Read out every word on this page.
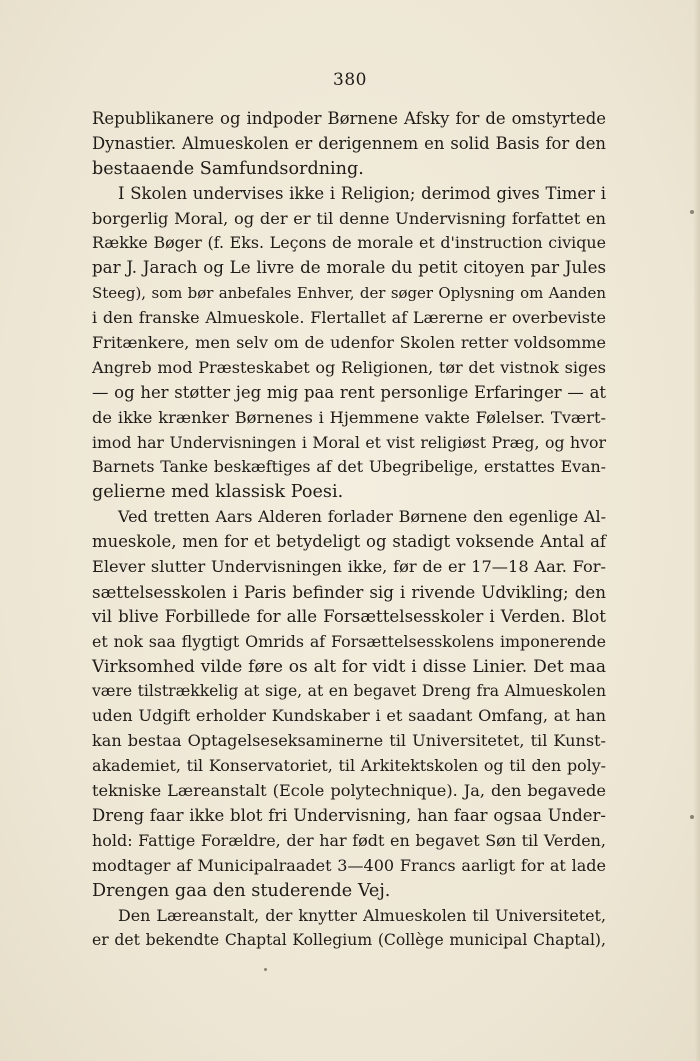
380
Republikanere og indpoder Børnene Afsky for de omstyrtede
Dynastier. Almueskolen er derigennem en solid Basis for den
bestaaende Samfundsordning.
I Skolen undervises ikke i Religion; derimod gives Timer i
borgerlig Moral, og der er til denne Undervisning forfattet en
Række Bøger (f. Eks. Leçons de morale et d'instruction civique
par J. Jarach og Le livre de morale du petit citoyen par Jules
Steeg), som bør anbefales Enhver, der søger Oplysning om Aanden
i den franske Almueskole. Flertallet af Lærerne er overbeviste
Fritænkere, men selv om de udenfor Skolen retter voldsomme
Angreb mod Præsteskabet og Religionen, tør det vistnok siges
— og her støtter jeg mig paa rent personlige Erfaringer — at
de ikke krænker Børnenes i Hjemmene vakte Følelser. Tvært-
imod har Undervisningen i Moral et vist religiøst Præg, og hvor
Barnets Tanke beskæftiges af det Ubegribelige, erstattes Evan-
gelierne med klassisk Poesi.
Ved tretten Aars Alderen forlader Børnene den egenlige Al-
mueskole, men for et betydeligt og stadigt voksende Antal af
Elever slutter Undervisningen ikke, før de er 17—18 Aar. For-
sættelsesskolen i Paris befinder sig i rivende Udvikling; den
vil blive Forbillede for alle Forsættelsesskoler i Verden. Blot
et nok saa flygtigt Omrids af Forsættelsesskolens imponerende
Virksomhed vilde føre os alt for vidt i disse Linier. Det maa
være tilstrækkelig at sige, at en begavet Dreng fra Almueskolen
uden Udgift erholder Kundskaber i et saadant Omfang, at han
kan bestaa Optagelseseksaminerne til Universitetet, til Kunst-
akademiet, til Konservatoriet, til Arkitektskolen og til den poly-
tekniske Læreanstalt (Ecole polytechnique). Ja, den begavede
Dreng faar ikke blot fri Undervisning, han faar ogsaa Under-
hold: Fattige Forældre, der har født en begavet Søn til Verden,
modtager af Municipalraadet 3—400 Francs aarligt for at lade
Drengen gaa den studerende Vej.
Den Læreanstalt, der knytter Almueskolen til Universitetet,
er det bekendte Chaptal Kollegium (Collège municipal Chaptal),
